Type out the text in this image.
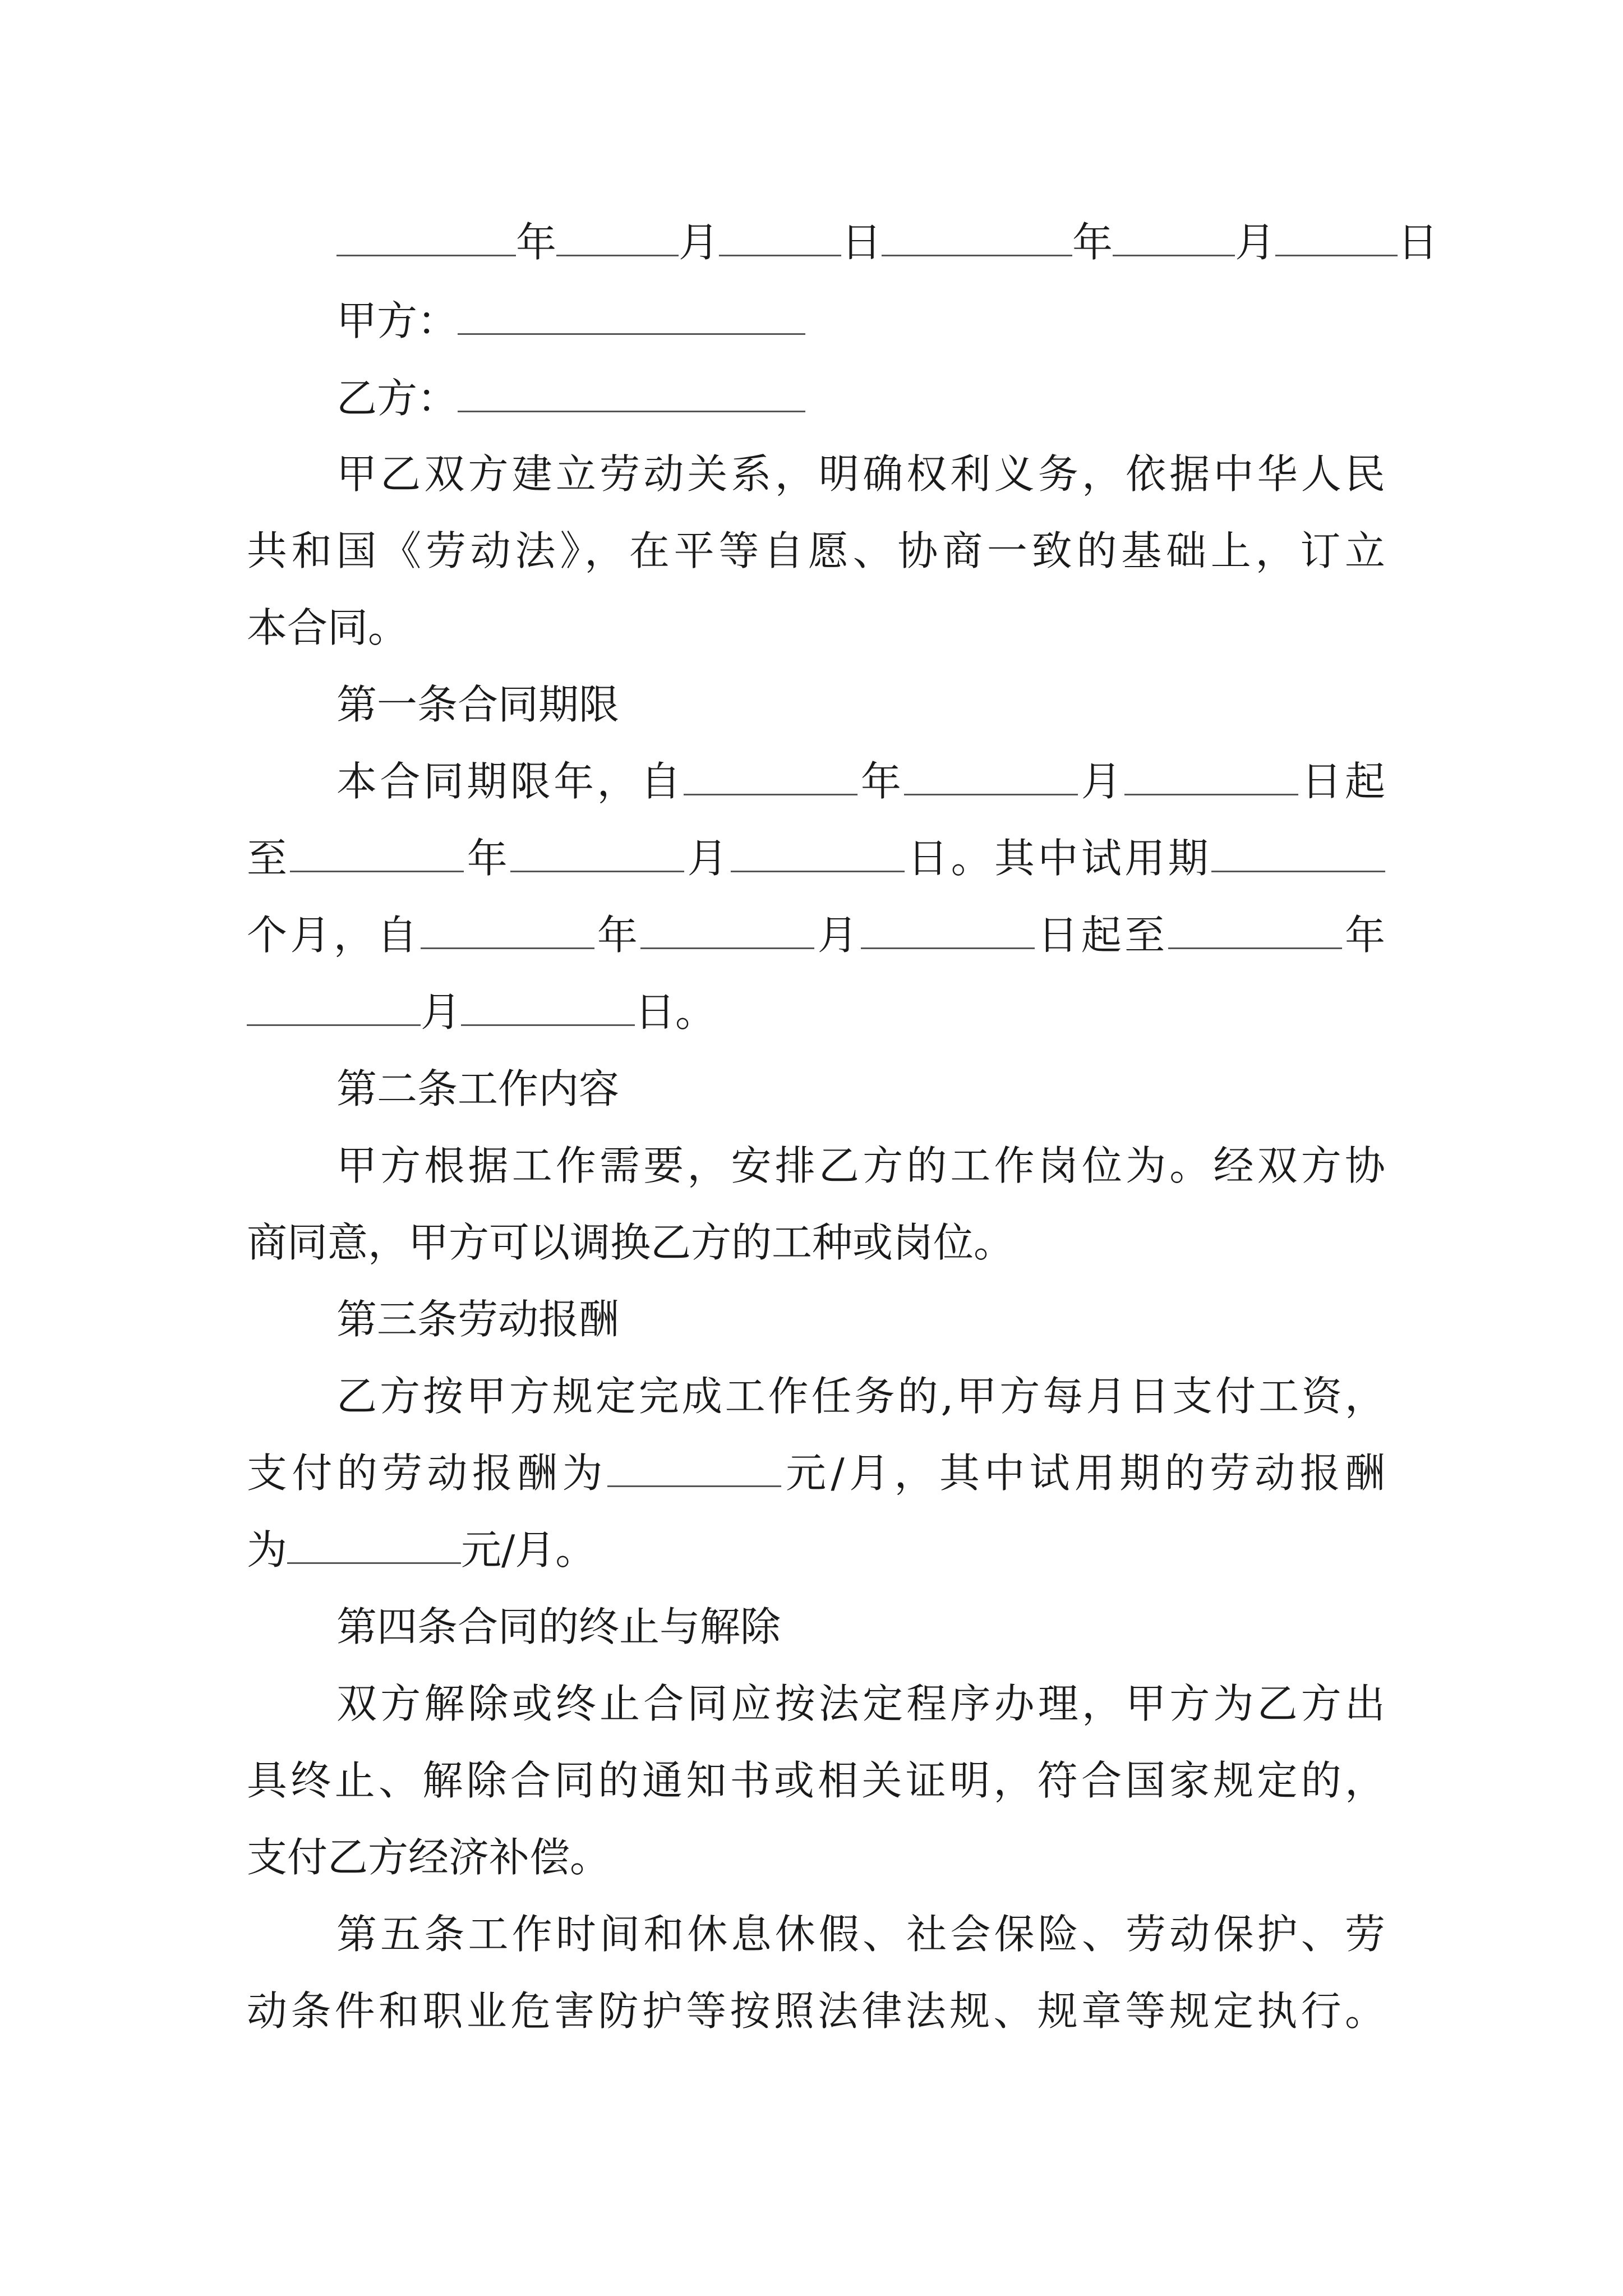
年	月	日	年	月	日
甲方：
乙方：
甲乙双方建立劳动关系，明确权利义务，依据中华人民
共和国《劳动法》，在平等自愿、协商一致的基础上，订立
本合同。
第一条合同期限
本合同期限年，自	年	月	日起
至	年	月	日。其中试用期
个月，自	年	月	日起至	年
月	日。
第二条工作内容
甲方根据工作需要，安排乙方的工作岗位为。经双方协
商同意，甲方可以调换乙方的工种或岗位。
第三条劳动报酬
乙方按甲方规定完成工作任务的,甲方每月日支付工资，
支付的劳动报酬为	元/月，其中试用期的劳动报酬
为	元/月。
第四条合同的终止与解除
双方解除或终止合同应按法定程序办理，甲方为乙方出
具终止、解除合同的通知书或相关证明，符合国家规定的，
支付乙方经济补偿。
第五条工作时间和休息休假、社会保险、劳动保护、劳
动条件和职业危害防护等按照法律法规、规章等规定执行。
